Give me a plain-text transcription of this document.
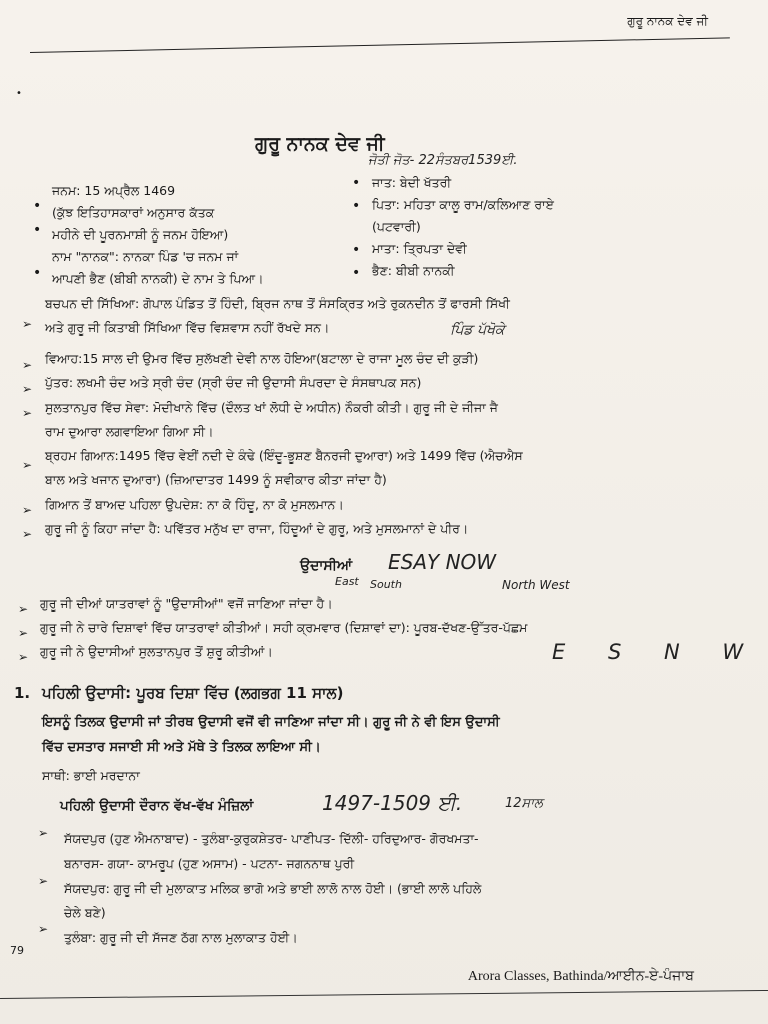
ਗੁਰੂ ਨਾਨਕ ਦੇਵ ਜੀ
•
ਗੁਰੂ ਨਾਨਕ ਦੇਵ ਜੀ
ਜੋਤੀ ਜੋਤ- 22ਸੰਤਬਰ1539ਈ.
•
•
•
ਜਨਮ: 15 ਅਪ੍ਰੈਲ 1469
(ਕੁੱਝ ਇਤਿਹਾਸਕਾਰਾਂ ਅਨੁਸਾਰ ਕੱਤਕ
ਮਹੀਨੇ ਦੀ ਪੂਰਨਮਾਸ਼ੀ ਨੂੰ ਜਨਮ ਹੋਇਆ)
ਨਾਮ "ਨਾਨਕ": ਨਾਨਕਾ ਪਿੰਡ 'ਚ ਜਨਮ ਜਾਂ
ਆਪਣੀ ਭੈਣ (ਬੀਬੀ ਨਾਨਕੀ) ਦੇ ਨਾਮ ਤੇ ਪਿਆ।
•
•
•
•
ਜਾਤ: ਬੇਦੀ ਖੱਤਰੀ
ਪਿਤਾ: ਮਹਿਤਾ ਕਾਲੂ ਰਾਮ/ਕਲਿਆਣ ਰਾਏ
(ਪਟਵਾਰੀ)
ਮਾਤਾ: ਤ੍ਰਿਪਤਾ ਦੇਵੀ
ਭੈਣ: ਬੀਬੀ ਨਾਨਕੀ
➢
ਬਚਪਨ ਦੀ ਸਿੱਖਿਆ: ਗੋਪਾਲ ਪੰਡਿਤ ਤੋਂ ਹਿੰਦੀ, ਬ੍ਰਿਜ ਨਾਥ ਤੋਂ ਸੰਸਕ੍ਰਿਤ ਅਤੇ ਰੁਕਨਦੀਨ ਤੋਂ ਫਾਰਸੀ ਸਿੱਖੀ
ਅਤੇ ਗੁਰੂ ਜੀ ਕਿਤਾਬੀ ਸਿੱਖਿਆ ਵਿੱਚ ਵਿਸ਼ਵਾਸ ਨਹੀਂ ਰੱਖਦੇ ਸਨ।	ਪਿੰਡ ਪੱਖੋਕੇ
➢ ਵਿਆਹ:15 ਸਾਲ ਦੀ ਉਮਰ ਵਿੱਚ ਸੁਲੱਖਣੀ ਦੇਵੀ ਨਾਲ ਹੋਇਆ(ਬਟਾਲਾ ਦੇ ਰਾਜਾ ਮੂਲ ਚੰਦ ਦੀ ਕੁੜੀ)
➢ ਪੁੱਤਰ: ਲਖਮੀ ਚੰਦ ਅਤੇ ਸ੍ਰੀ ਚੰਦ (ਸ੍ਰੀ ਚੰਦ ਜੀ ਉਦਾਸੀ ਸੰਪਰਦਾ ਦੇ ਸੰਸਥਾਪਕ ਸਨ)
➢ ਸੁਲਤਾਨਪੁਰ ਵਿੱਚ ਸੇਵਾ: ਮੋਦੀਖਾਨੇ ਵਿੱਚ (ਦੌਲਤ ਖਾਂ ਲੋਧੀ ਦੇ ਅਧੀਨ) ਨੌਕਰੀ ਕੀਤੀ। ਗੁਰੂ ਜੀ ਦੇ ਜੀਜਾ ਜੈ
ਰਾਮ ਦੁਆਰਾ ਲਗਵਾਇਆ ਗਿਆ ਸੀ।
➢
ਬ੍ਰਹਮ ਗਿਆਨ:1495 ਵਿੱਚ ਵੇਈਂ ਨਦੀ ਦੇ ਕੰਢੇ (ਇੰਦੂ-ਭੂਸ਼ਣ ਬੈਨਰਜੀ ਦੁਆਰਾ) ਅਤੇ 1499 ਵਿੱਚ (ਐਚਐਸ
ਬਾਲ ਅਤੇ ਖਜਾਨ ਦੁਆਰਾ) (ਜ਼ਿਆਦਾਤਰ 1499 ਨੂੰ ਸਵੀਕਾਰ ਕੀਤਾ ਜਾਂਦਾ ਹੈ)
➢ ਗਿਆਨ ਤੋਂ ਬਾਅਦ ਪਹਿਲਾ ਉਪਦੇਸ਼: ਨਾ ਕੋ ਹਿੰਦੂ, ਨਾ ਕੋ ਮੁਸਲਮਾਨ।
➢ ਗੁਰੂ ਜੀ ਨੂੰ ਕਿਹਾ ਜਾਂਦਾ ਹੈ: ਪਵਿੱਤਰ ਮਨੁੱਖ ਦਾ ਰਾਜਾ, ਹਿੰਦੂਆਂ ਦੇ ਗੁਰੂ, ਅਤੇ ਮੁਸਲਮਾਨਾਂ ਦੇ ਪੀਰ।
ਉਦਾਸੀਆਂ ESAY NOW
East South	North West
➢ ਗੁਰੂ ਜੀ ਦੀਆਂ ਯਾਤਰਾਵਾਂ ਨੂੰ "ਉਦਾਸੀਆਂ" ਵਜੋਂ ਜਾਣਿਆ ਜਾਂਦਾ ਹੈ।
➢ ਗੁਰੂ ਜੀ ਨੇ ਚਾਰੇ ਦਿਸ਼ਾਵਾਂ ਵਿੱਚ ਯਾਤਰਾਵਾਂ ਕੀਤੀਆਂ। ਸਹੀ ਕ੍ਰਮਵਾਰ (ਦਿਸ਼ਾਵਾਂ ਦਾ): ਪੂਰਬ-ਦੱਖਣ-ਉੱਤਰ-ਪੱਛਮ
➢ ਗੁਰੂ ਜੀ ਨੇ ਉਦਾਸੀਆਂ ਸੁਲਤਾਨਪੁਰ ਤੋਂ ਸ਼ੁਰੂ ਕੀਤੀਆਂ।	E S N W
1. ਪਹਿਲੀ ਉਦਾਸੀ: ਪੂਰਬ ਦਿਸ਼ਾ ਵਿੱਚ (ਲਗਭਗ 11 ਸਾਲ)
ਇਸਨੂੰ ਤਿਲਕ ਉਦਾਸੀ ਜਾਂ ਤੀਰਥ ਉਦਾਸੀ ਵਜੋਂ ਵੀ ਜਾਣਿਆ ਜਾਂਦਾ ਸੀ। ਗੁਰੂ ਜੀ ਨੇ ਵੀ ਇਸ ਉਦਾਸੀ
ਵਿੱਚ ਦਸਤਾਰ ਸਜਾਈ ਸੀ ਅਤੇ ਮੱਥੇ ਤੇ ਤਿਲਕ ਲਾਇਆ ਸੀ।
ਸਾਥੀ: ਭਾਈ ਮਰਦਾਨਾ
ਪਹਿਲੀ ਉਦਾਸੀ ਦੌਰਾਨ ਵੱਖ-ਵੱਖ ਮੰਜ਼ਿਲਾਂ	1497-1509 ਈ.	12ਸਾਲ
➢ ਸੱਯਦਪੁਰ (ਹੁਣ ਐਮਨਾਬਾਦ) - ਤੁਲੰਬਾ-ਕੁਰੁਕਸ਼ੇਤਰ- ਪਾਣੀਪਤ- ਦਿੱਲੀ- ਹਰਿਦੁਆਰ- ਗੋਰਖਮਤਾ-
ਬਨਾਰਸ- ਗਯਾ- ਕਾਮਰੂਪ (ਹੁਣ ਅਸਾਮ) - ਪਟਨਾ- ਜਗਨਨਾਥ ਪੁਰੀ
➢ ਸੱਯਦਪੁਰ: ਗੁਰੂ ਜੀ ਦੀ ਮੁਲਾਕਾਤ ਮਲਿਕ ਭਾਗੋ ਅਤੇ ਭਾਈ ਲਾਲੋ ਨਾਲ ਹੋਈ। (ਭਾਈ ਲਾਲੋ ਪਹਿਲੇ
ਚੇਲੇ ਬਣੇ)
➢
ਤੁਲੰਬਾ: ਗੁਰੂ ਜੀ ਦੀ ਸੱਜਣ ਠੱਗ ਨਾਲ ਮੁਲਾਕਾਤ ਹੋਈ।
79
Arora Classes, Bathinda/ਆਈਨ-ਏ-ਪੰਜਾਬ
